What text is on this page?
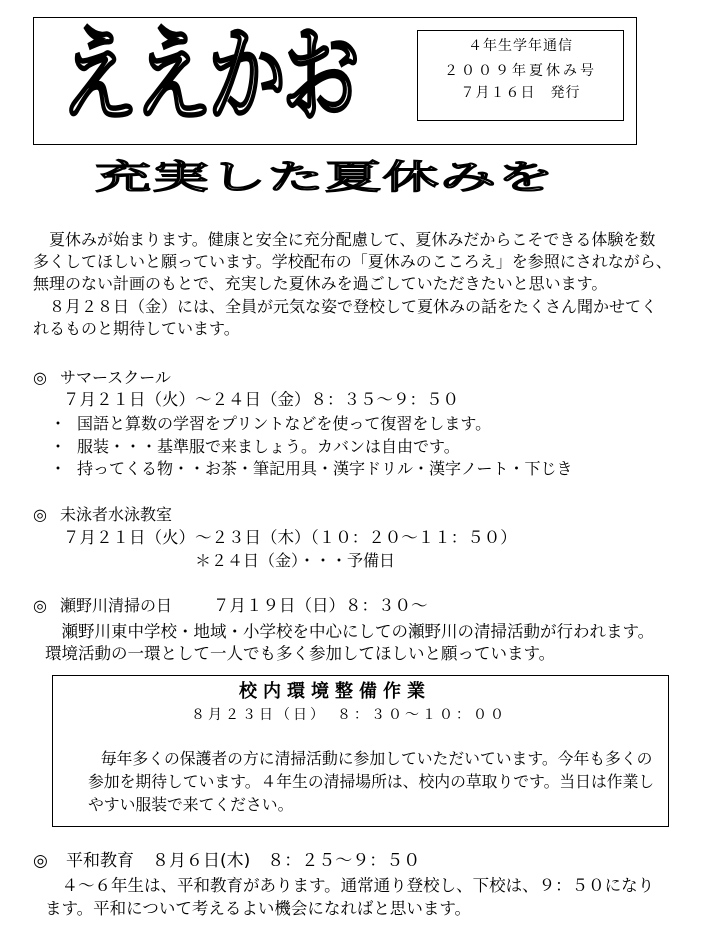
ええかお	４年生学年通信
２００９年夏休み号
７月１６日　発行
充実した夏休みを
　夏休みが始まります。健康と安全に充分配慮して、夏休みだからこそできる体験を数
多くしてほしいと願っています。学校配布の「夏休みのこころえ」を参照にされながら、
無理のない計画のもとで、充実した夏休みを過ごしていただきたいと思います。
　８月２８日（金）には、全員が元気な姿で登校して夏休みの話をたくさん聞かせてく
れるものと期待しています。
◎ サマースクール
７月２１日（火）～２４日（金）８：３５～９：５０
・ 国語と算数の学習をプリントなどを使って復習をします。
・ 服装・・・基準服で来ましょう。カバンは自由です。
・ 持ってくる物・・お茶・筆記用具・漢字ドリル・漢字ノート・下じき
◎ 未泳者水泳教室
７月２１日（火）～２３日（木）（１０：２０～１１：５０）
＊２４日（金）・・・予備日
◎ 瀬野川清掃の日 ７月１９日（日）８：３０～
　瀬野川東中学校・地域・小学校を中心にしての瀬野川の清掃活動が行われます。
環境活動の一環として一人でも多く参加してほしいと願っています。
校内環境整備作業
８月２３日（日）　８：３０～１０：００
　毎年多くの保護者の方に清掃活動に参加していただいています。今年も多くの
参加を期待しています。４年生の清掃場所は、校内の草取りです。当日は作業し
やすい服装で来てください。
◎ 平和教育 ８月６日(木)　８：２５～９：５０
　４～６年生は、平和教育があります。通常通り登校し、下校は、９：５０になり
ます。平和について考えるよい機会になればと思います。
